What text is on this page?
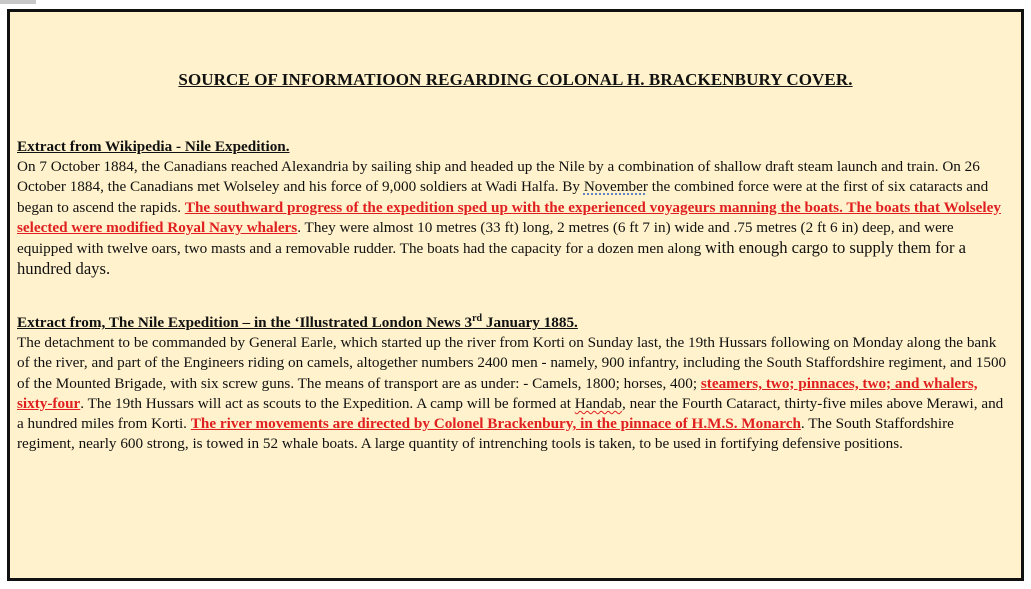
SOURCE OF INFORMATIOON REGARDING COLONAL H. BRACKENBURY COVER.
Extract from Wikipedia - Nile Expedition.
On 7 October 1884, the Canadians reached Alexandria by sailing ship and headed up the Nile by a combination of shallow draft steam launch and train. On 26 October 1884, the Canadians met Wolseley and his force of 9,000 soldiers at Wadi Halfa. By November the combined force were at the first of six cataracts and began to ascend the rapids. The southward progress of the expedition sped up with the experienced voyageurs manning the boats. The boats that Wolseley selected were modified Royal Navy whalers. They were almost 10 metres (33 ft) long, 2 metres (6 ft 7 in) wide and .75 metres (2 ft 6 in) deep, and were equipped with twelve oars, two masts and a removable rudder. The boats had the capacity for a dozen men along with enough cargo to supply them for a hundred days.
Extract from, The Nile Expedition – in the ‘Illustrated London News 3rd January 1885.
The detachment to be commanded by General Earle, which started up the river from Korti on Sunday last, the 19th Hussars following on Monday along the bank of the river, and part of the Engineers riding on camels, altogether numbers 2400 men - namely, 900 infantry, including the South Staffordshire regiment, and 1500 of the Mounted Brigade, with six screw guns. The means of transport are as under: - Camels, 1800; horses, 400; steamers, two; pinnaces, two; and whalers, sixty-four. The 19th Hussars will act as scouts to the Expedition. A camp will be formed at Handab, near the Fourth Cataract, thirty-five miles above Merawi, and a hundred miles from Korti. The river movements are directed by Colonel Brackenbury, in the pinnace of H.M.S. Monarch. The South Staffordshire regiment, nearly 600 strong, is towed in 52 whale boats. A large quantity of intrenching tools is taken, to be used in fortifying defensive positions.
